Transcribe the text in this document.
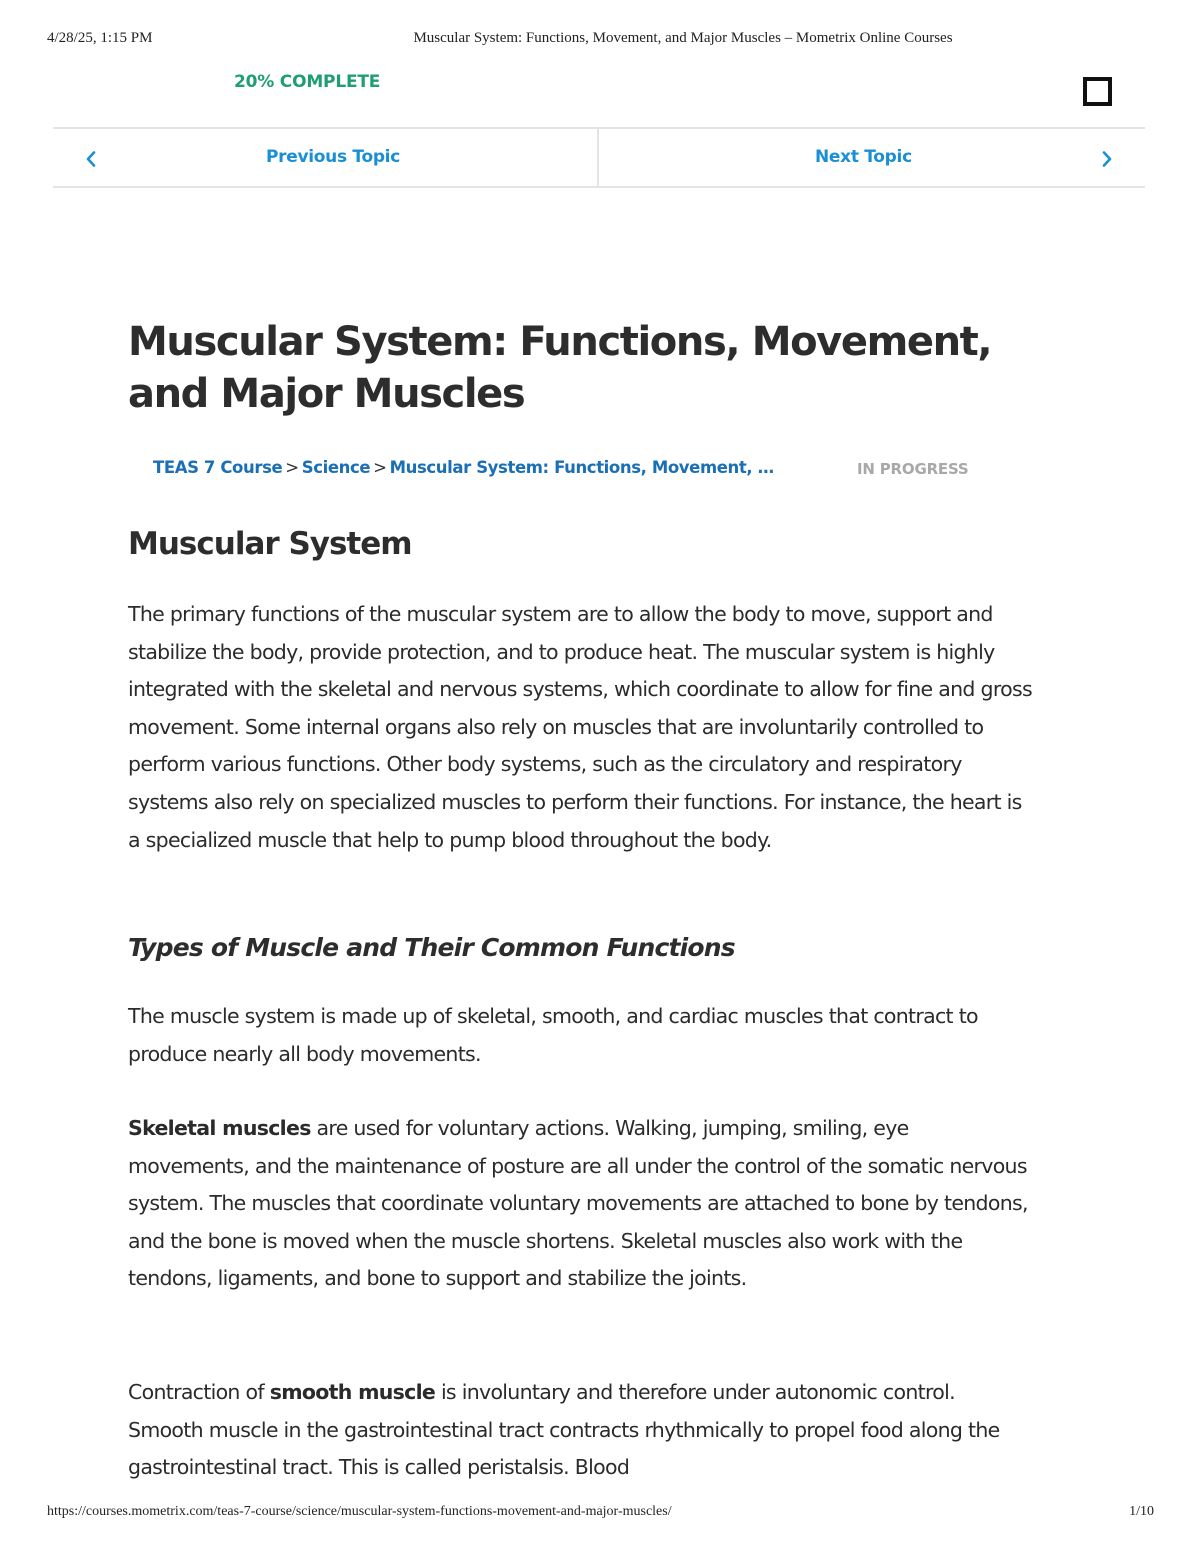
4/28/25, 1:15 PM	Muscular System: Functions, Movement, and Major Muscles – Mometrix Online Courses
20% COMPLETE
Previous Topic	Next Topic
Muscular System: Functions, Movement, and Major Muscles
TEAS 7 Course > Science > Muscular System: Functions, Movement, …	IN PROGRESS
Muscular System

The primary functions of the muscular system are to allow the body to move, support and stabilize the body, provide protection, and to produce heat. The muscular system is highly integrated with the skeletal and nervous systems, which coordinate to allow for fine and gross movement. Some internal organs also rely on muscles that are involuntarily controlled to perform various functions. Other body systems, such as the circulatory and respiratory systems also rely on specialized muscles to perform their functions. For instance, the heart is a specialized muscle that help to pump blood throughout the body.

Types of Muscle and Their Common Functions

The muscle system is made up of skeletal, smooth, and cardiac muscles that contract to produce nearly all body movements.

Skeletal muscles are used for voluntary actions. Walking, jumping, smiling, eye movements, and the maintenance of posture are all under the control of the somatic nervous system. The muscles that coordinate voluntary movements are attached to bone by tendons, and the bone is moved when the muscle shortens. Skeletal muscles also work with the tendons, ligaments, and bone to support and stabilize the joints.

Contraction of smooth muscle is involuntary and therefore under autonomic control. Smooth muscle in the gastrointestinal tract contracts rhythmically to propel food along the gastrointestinal tract. This is called peristalsis. Blood

https://courses.mometrix.com/teas-7-course/science/muscular-system-functions-movement-and-major-muscles/	1/10
